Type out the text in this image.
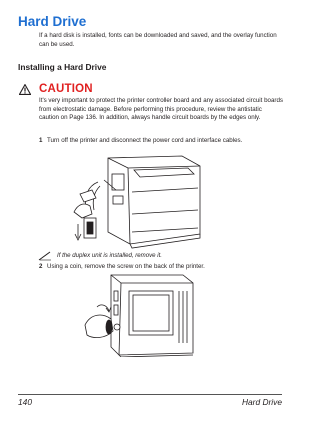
Hard Drive
If a hard disk is installed, fonts can be downloaded and saved, and the overlay function can be used.
Installing a Hard Drive
CAUTION
It's very important to protect the printer controller board and any associated circuit boards from electrostatic damage. Before performing this procedure, review the antistatic caution on Page 136. In addition, always handle circuit boards by the edges only.
1 Turn off the printer and disconnect the power cord and interface cables.
If the duplex unit is installed, remove it.
2 Using a coin, remove the screw on the back of the printer.
140	Hard Drive
